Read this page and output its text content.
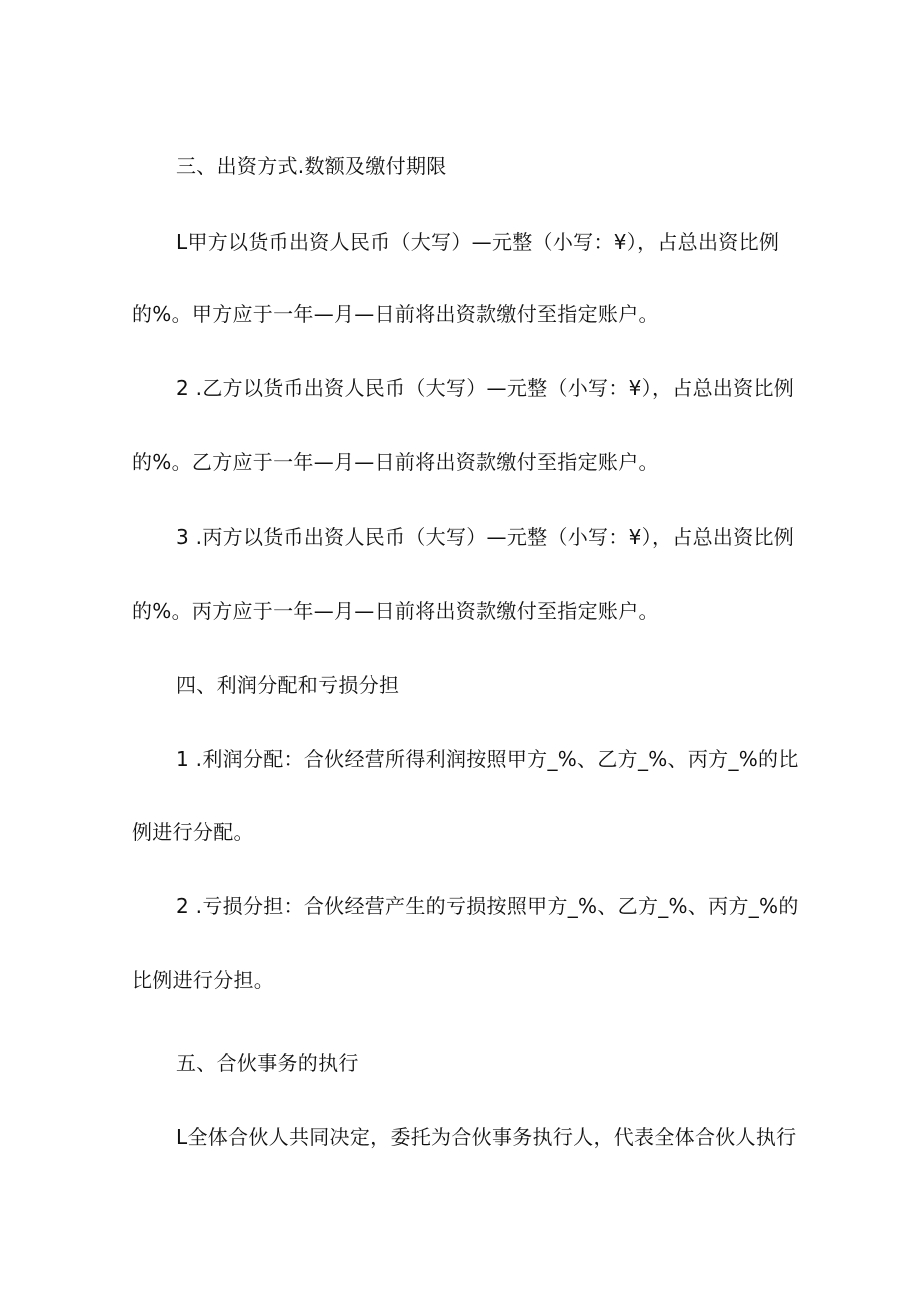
三、出资方式.数额及缴付期限
L甲方以货币出资人民币（大写）—元整（小写：¥），占总出资比例
的%。甲方应于一年—月—日前将出资款缴付至指定账户。
2 .乙方以货币出资人民币（大写）—元整（小写：¥），占总出资比例
的%。乙方应于一年—月—日前将出资款缴付至指定账户。
3 .丙方以货币出资人民币（大写）—元整（小写：¥），占总出资比例
的%。丙方应于一年—月—日前将出资款缴付至指定账户。
四、利润分配和亏损分担
1 .利润分配：合伙经营所得利润按照甲方_%、乙方_%、丙方_%的比
例进行分配。
2 .亏损分担：合伙经营产生的亏损按照甲方_%、乙方_%、丙方_%的
比例进行分担。
五、合伙事务的执行
L全体合伙人共同决定，委托为合伙事务执行人，代表全体合伙人执行
